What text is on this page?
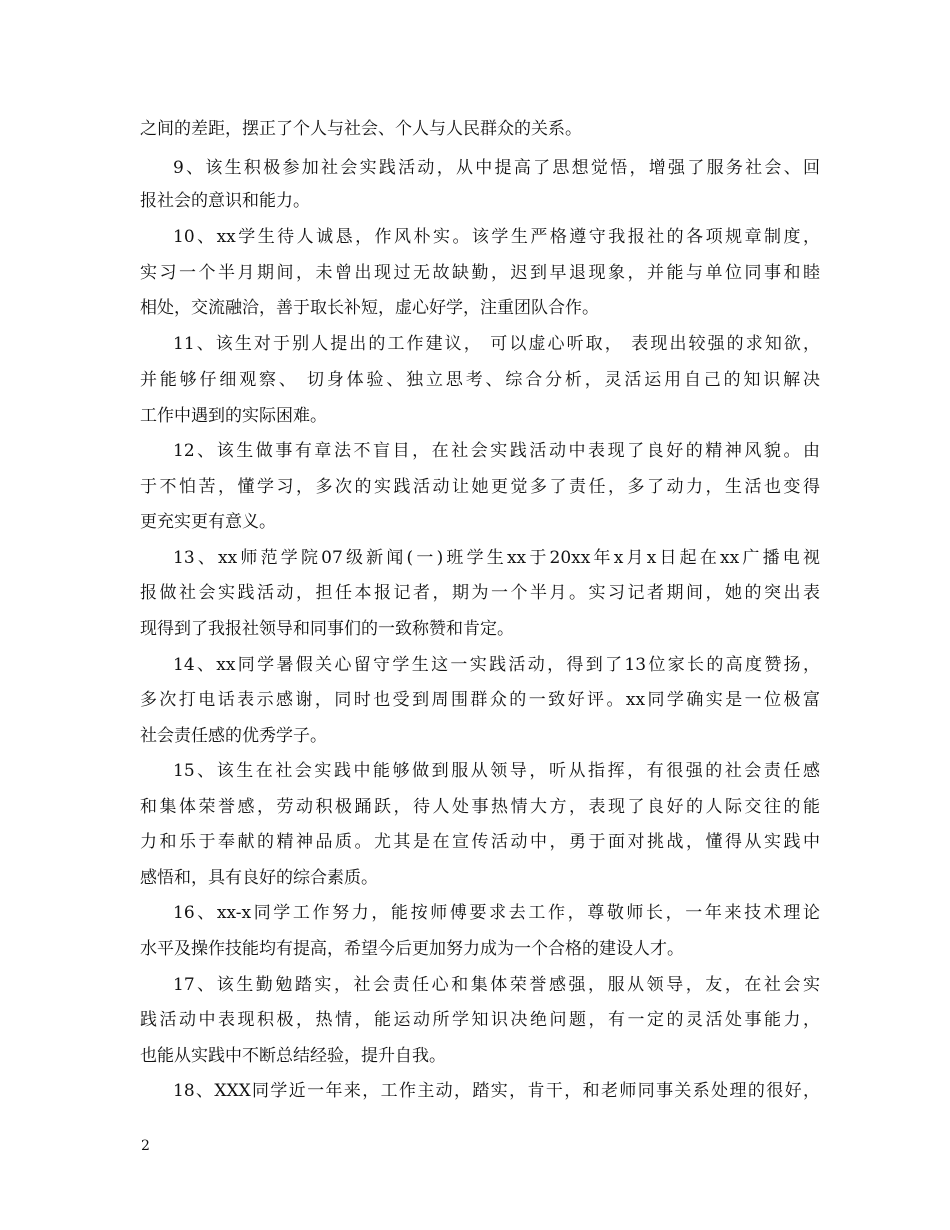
之间的差距，摆正了个人与社会、个人与人民群众的关系。
9、该生积极参加社会实践活动，从中提高了思想觉悟，增强了服务社会、回
报社会的意识和能力。
10、xx学生待人诚恳，作风朴实。该学生严格遵守我报社的各项规章制度，
实习一个半月期间，未曾出现过无故缺勤，迟到早退现象，并能与单位同事和睦
相处，交流融洽，善于取长补短，虚心好学，注重团队合作。
11、该生对于别人提出的工作建议， 可以虚心听取， 表现出较强的求知欲，
并能够仔细观察、 切身体验、独立思考、综合分析，灵活运用自己的知识解决
工作中遇到的实际困难。
12、该生做事有章法不盲目，在社会实践活动中表现了良好的精神风貌。由
于不怕苦，懂学习，多次的实践活动让她更觉多了责任，多了动力，生活也变得
更充实更有意义。
13、xx师范学院07级新闻(一)班学生xx于20xx年x月x日起在xx广播电视
报做社会实践活动，担任本报记者，期为一个半月。实习记者期间，她的突出表
现得到了我报社领导和同事们的一致称赞和肯定。
14、xx同学暑假关心留守学生这一实践活动，得到了13位家长的高度赞扬，
多次打电话表示感谢，同时也受到周围群众的一致好评。xx同学确实是一位极富
社会责任感的优秀学子。
15、该生在社会实践中能够做到服从领导，听从指挥，有很强的社会责任感
和集体荣誉感，劳动积极踊跃，待人处事热情大方，表现了良好的人际交往的能
力和乐于奉献的精神品质。尤其是在宣传活动中，勇于面对挑战，懂得从实践中
感悟和，具有良好的综合素质。
16、xx-x同学工作努力，能按师傅要求去工作，尊敬师长，一年来技术理论
水平及操作技能均有提高，希望今后更加努力成为一个合格的建设人才。
17、该生勤勉踏实，社会责任心和集体荣誉感强，服从领导，友，在社会实
践活动中表现积极，热情，能运动所学知识决绝问题，有一定的灵活处事能力，
也能从实践中不断总结经验，提升自我。
18、XXX同学近一年来，工作主动，踏实，肯干，和老师同事关系处理的很好，
2
